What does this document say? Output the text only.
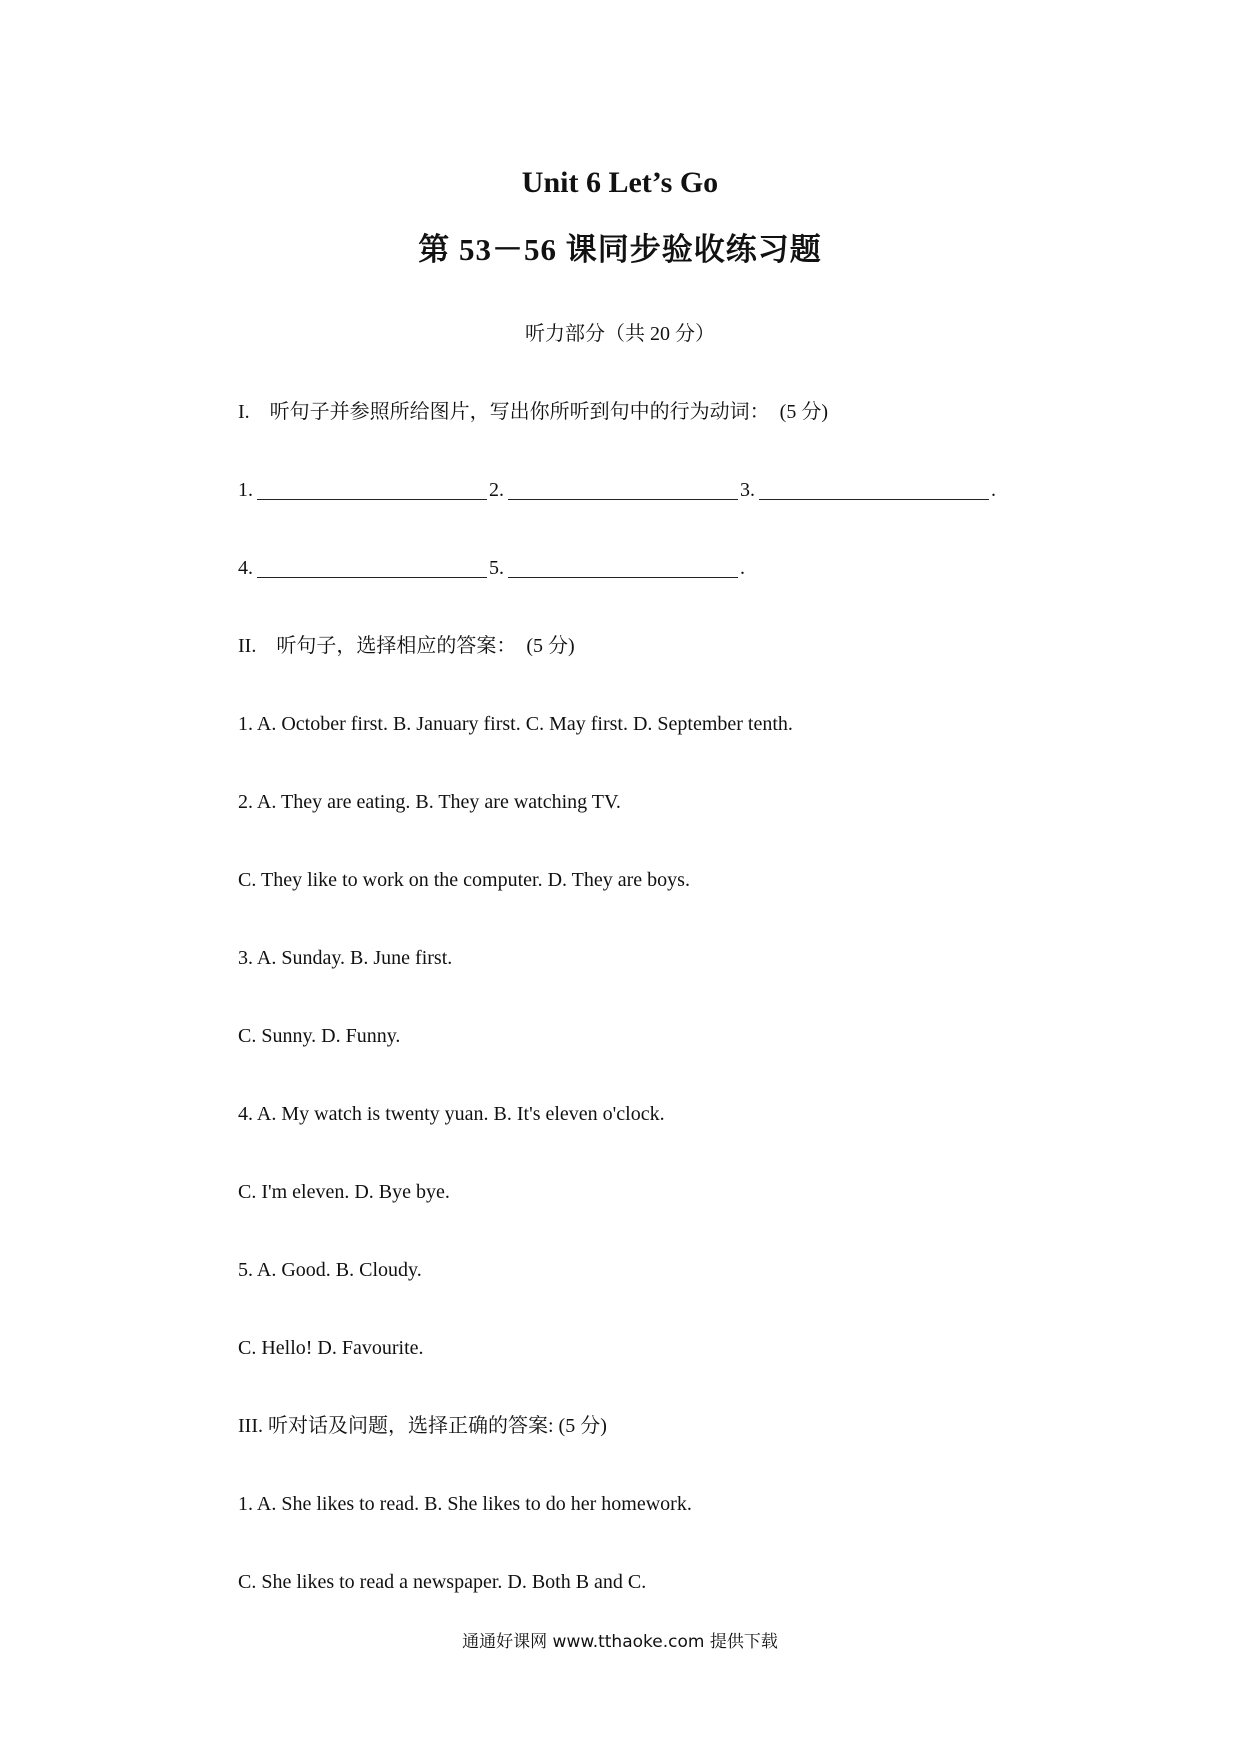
Unit 6 Let’s Go
第 53－56 课同步验收练习题
听力部分（共 20 分）
I.　听句子并参照所给图片，写出你所听到句中的行为动词：　(5 分)
1.	2.	3.	.
4.	5.	.
II.　听句子，选择相应的答案：　(5 分)
1. A. October first. B. January first. C. May first. D. September tenth.
2. A. They are eating. B. They are watching TV.
C. They like to work on the computer. D. They are boys.
3. A. Sunday. B. June first.
C. Sunny. D. Funny.
4. A. My watch is twenty yuan. B. It's eleven o'clock.
C. I'm eleven. D. Bye bye.
5. A. Good. B. Cloudy.
C. Hello! D. Favourite.
III. 听对话及问题，选择正确的答案: (5 分)
1. A. She likes to read. B. She likes to do her homework.
C. She likes to read a newspaper. D. Both B and C.
通通好课网 www.tthaoke.com 提供下载
